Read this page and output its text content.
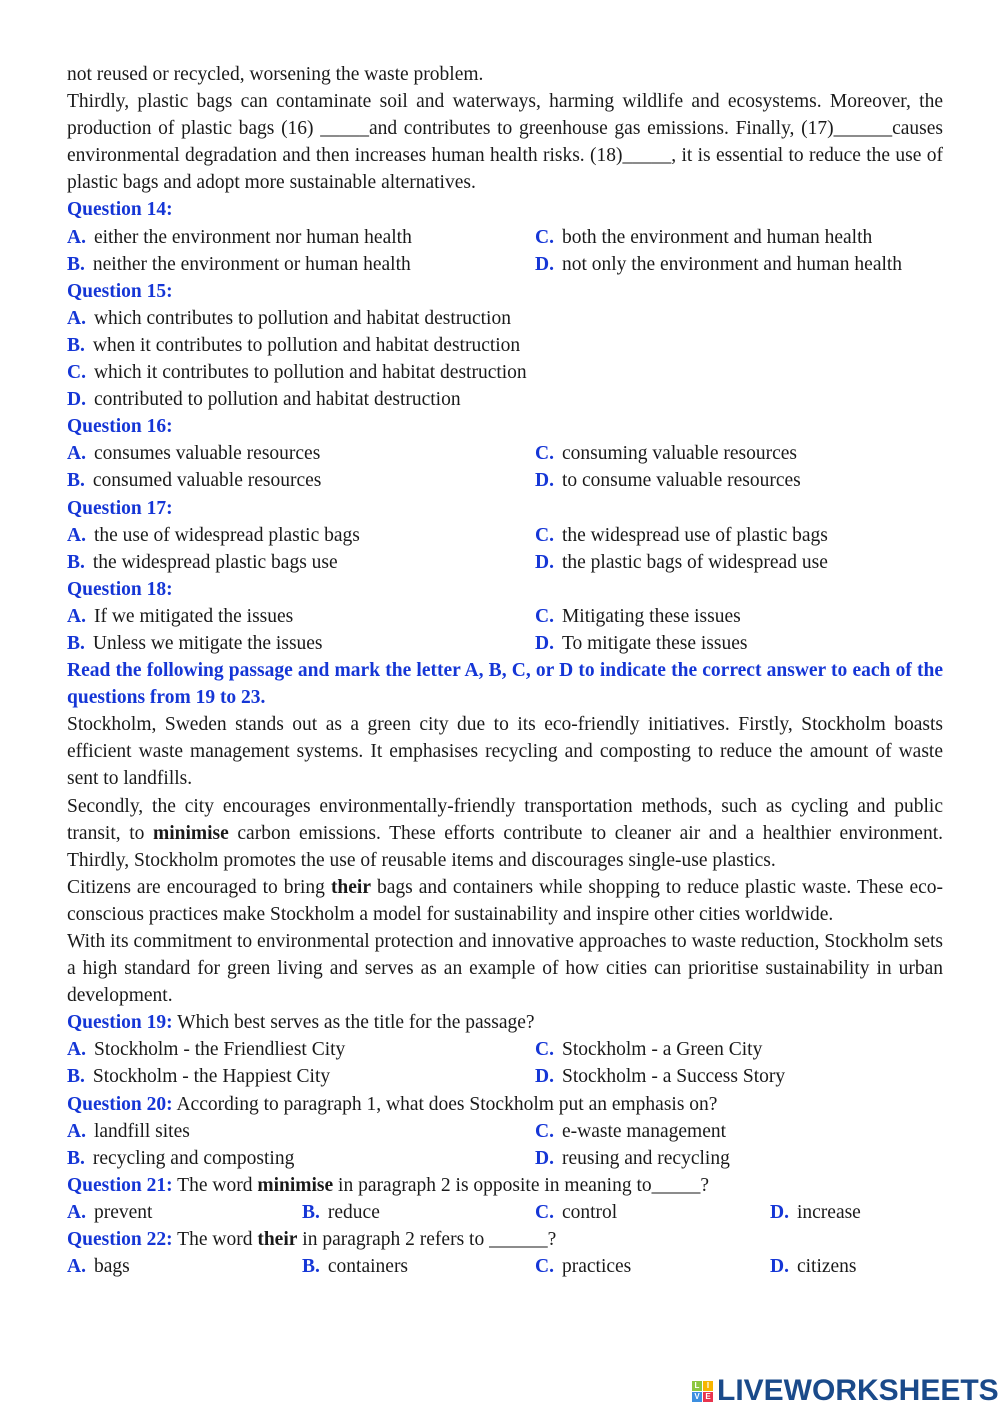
not reused or recycled, worsening the waste problem.

Thirdly, plastic bags can contaminate soil and waterways, harming wildlife and ecosystems. Moreover, the production of plastic bags (16) _____and contributes to greenhouse gas emissions. Finally, (17)______causes environmental degradation and then increases human health risks. (18)_____, it is essential to reduce the use of plastic bags and adopt more sustainable alternatives.

Question 14:
A. either the environment nor human health	C. both the environment and human health
B. neither the environment or human health	D. not only the environment and human health
Question 15:
A. which contributes to pollution and habitat destruction
B. when it contributes to pollution and habitat destruction
C. which it contributes to pollution and habitat destruction
D. contributed to pollution and habitat destruction
Question 16:
A. consumes valuable resources	C. consuming valuable resources
B. consumed valuable resources	D. to consume valuable resources
Question 17:
A. the use of widespread plastic bags	C. the widespread use of plastic bags
B. the widespread plastic bags use	D. the plastic bags of widespread use
Question 18:
A. If we mitigated the issues	C. Mitigating these issues
B. Unless we mitigate the issues	D. To mitigate these issues

Read the following passage and mark the letter A, B, C, or D to indicate the correct answer to each of the questions from 19 to 23.

Stockholm, Sweden stands out as a green city due to its eco-friendly initiatives. Firstly, Stockholm boasts efficient waste management systems. It emphasises recycling and composting to reduce the amount of waste sent to landfills.

Secondly, the city encourages environmentally-friendly transportation methods, such as cycling and public transit, to minimise carbon emissions. These efforts contribute to cleaner air and a healthier environment. Thirdly, Stockholm promotes the use of reusable items and discourages single-use plastics.

Citizens are encouraged to bring their bags and containers while shopping to reduce plastic waste. These eco-conscious practices make Stockholm a model for sustainability and inspire other cities worldwide.

With its commitment to environmental protection and innovative approaches to waste reduction, Stockholm sets a high standard for green living and serves as an example of how cities can prioritise sustainability in urban development.

Question 19: Which best serves as the title for the passage?
A. Stockholm - the Friendliest City	C. Stockholm - a Green City
B. Stockholm - the Happiest City	D. Stockholm - a Success Story
Question 20: According to paragraph 1, what does Stockholm put an emphasis on?
A. landfill sites	C. e-waste management
B. recycling and composting	D. reusing and recycling
Question 21: The word minimise in paragraph 2 is opposite in meaning to_____?
A. prevent	B. reduce	C. control	D. increase
Question 22: The word their in paragraph 2 refers to ______?
A. bags	B. containers	C. practices	D. citizens
L I
V E LIVEWORKSHEETS
